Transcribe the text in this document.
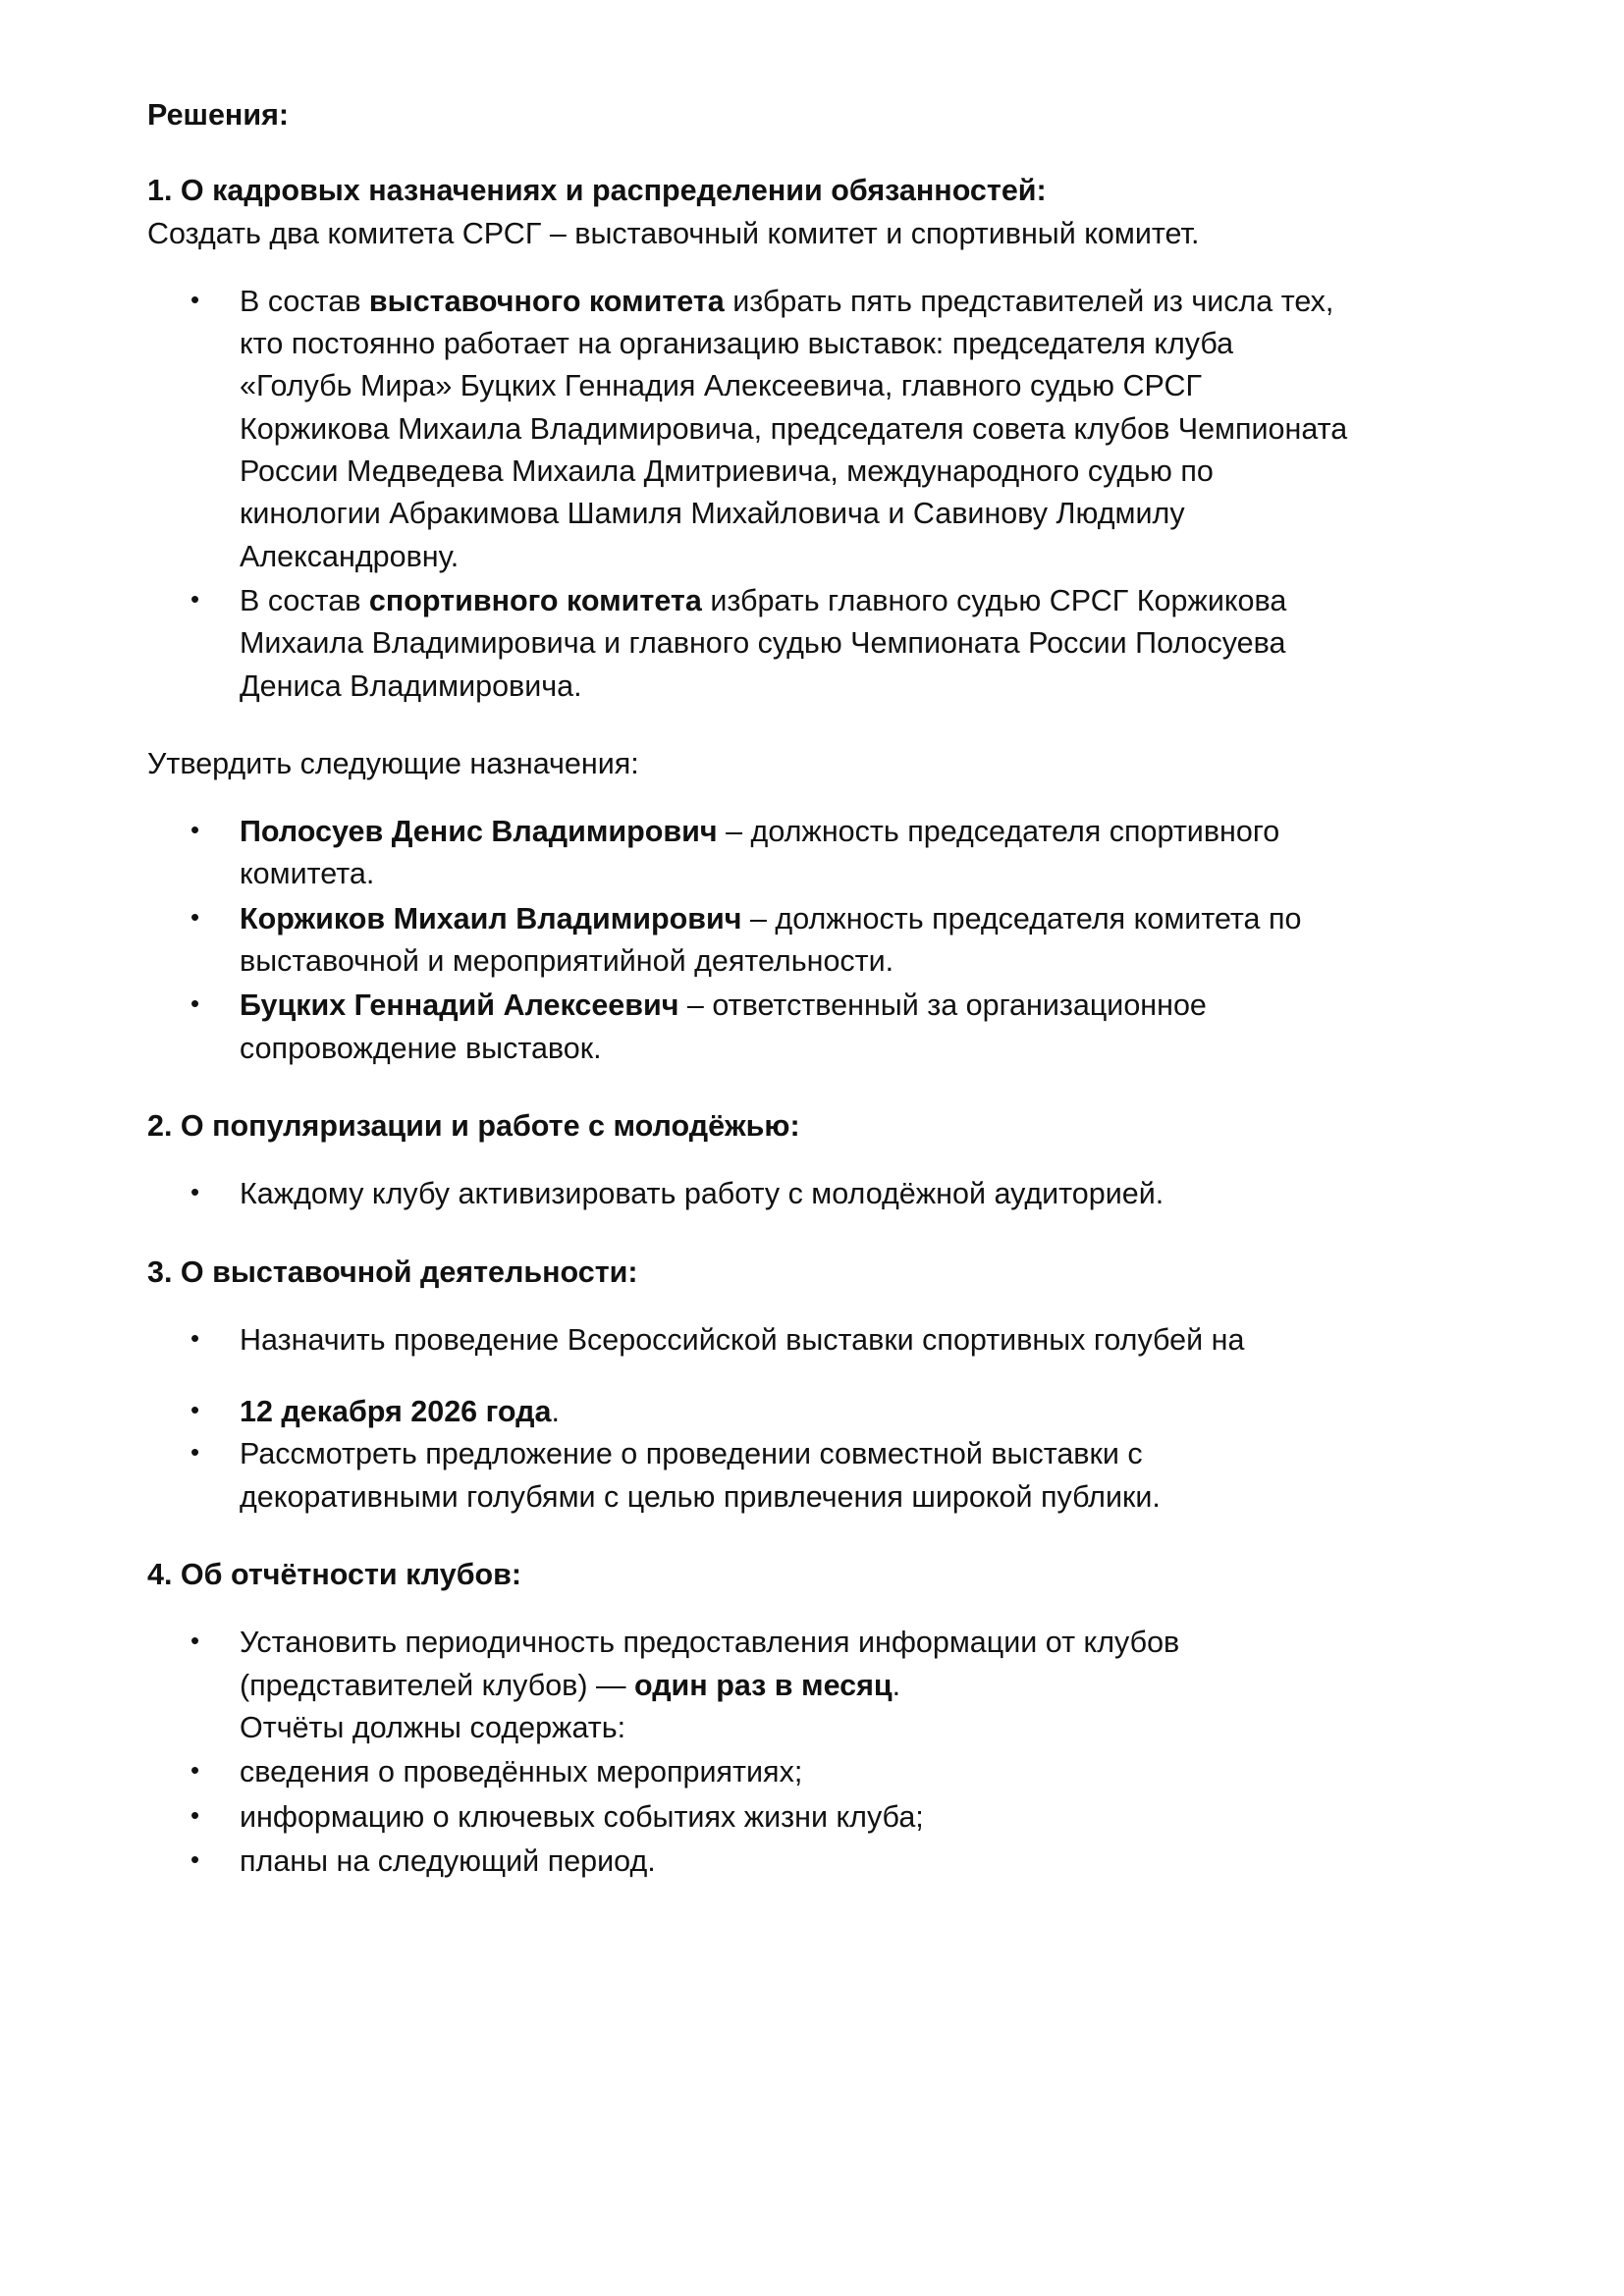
Решения:

1. О кадровых назначениях и распределении обязанностей:

Создать два комитета СРСГ – выставочный комитет и спортивный комитет.

• В состав выставочного комитета избрать пять представителей из числа тех, кто постоянно работает на организацию выставок: председателя клуба «Голубь Мира» Буцких Геннадия Алексеевича, главного судью СРСГ Коржикова Михаила Владимировича, председателя совета клубов Чемпионата России Медведева Михаила Дмитриевича, международного судью по кинологии Абракимова Шамиля Михайловича и Савинову Людмилу Александровну.
• В состав спортивного комитета избрать главного судью СРСГ Коржикова Михаила Владимировича и главного судью Чемпионата России Полосуева Дениса Владимировича.

Утвердить следующие назначения:

• Полосуев Денис Владимирович – должность председателя спортивного комитета.
• Коржиков Михаил Владимирович – должность председателя комитета по выставочной и мероприятийной деятельности.
• Буцких Геннадий Алексеевич – ответственный за организационное сопровождение выставок.

2. О популяризации и работе с молодёжью:

• Каждому клубу активизировать работу с молодёжной аудиторией.

3. О выставочной деятельности:

• Назначить проведение Всероссийской выставки спортивных голубей на
• 12 декабря 2026 года.
• Рассмотреть предложение о проведении совместной выставки с декоративными голубями с целью привлечения широкой публики.

4. Об отчётности клубов:

• Установить периодичность предоставления информации от клубов (представителей клубов) — один раз в месяц.
Отчёты должны содержать:
• сведения о проведённых мероприятиях;
• информацию о ключевых событиях жизни клуба;
• планы на следующий период.
